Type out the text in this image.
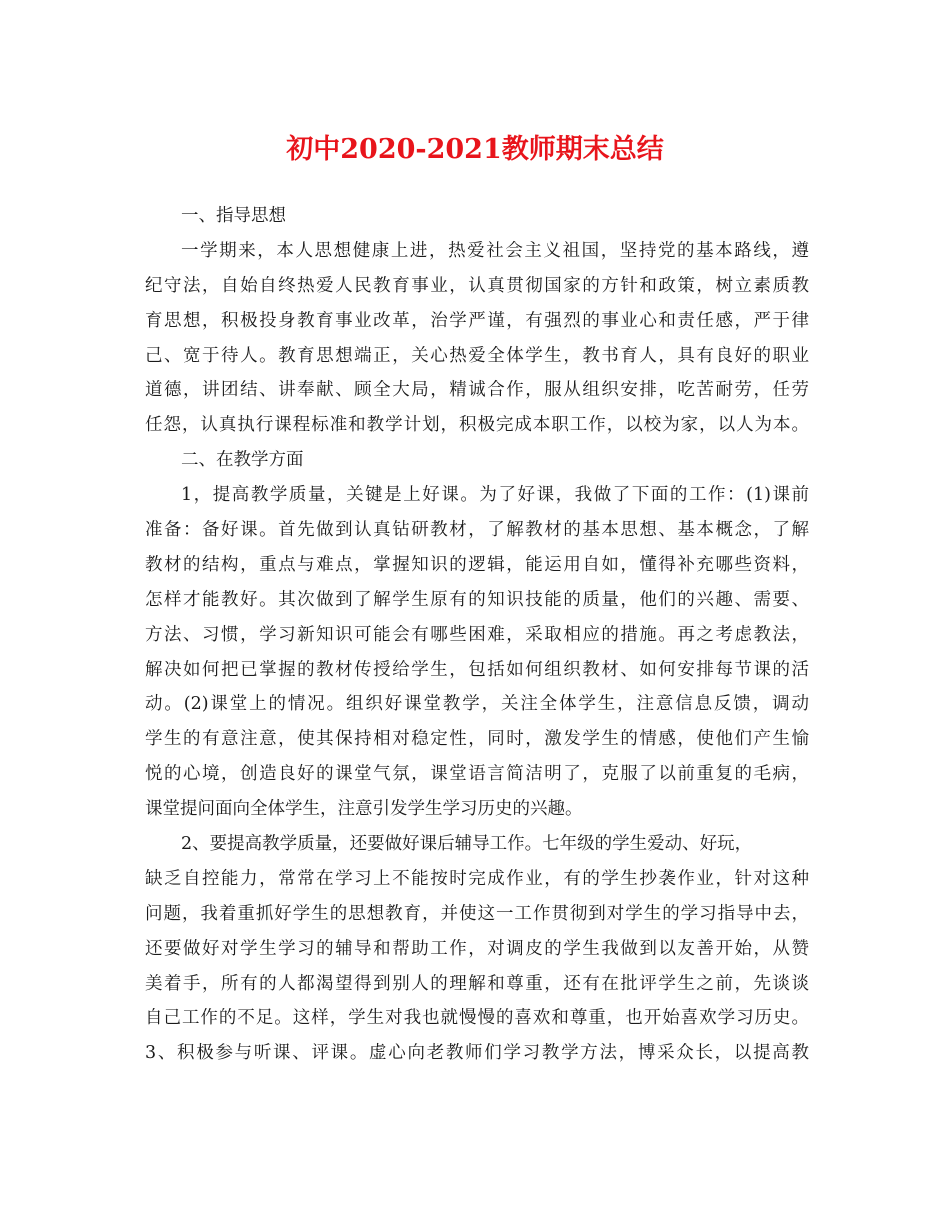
初中2020-2021教师期末总结
一、指导思想
一学期来，本人思想健康上进，热爱社会主义祖国，坚持党的基本路线，遵
纪守法，自始自终热爱人民教育事业，认真贯彻国家的方针和政策，树立素质教
育思想，积极投身教育事业改革，治学严谨，有强烈的事业心和责任感，严于律
己、宽于待人。教育思想端正，关心热爱全体学生，教书育人，具有良好的职业
道德，讲团结、讲奉献、顾全大局，精诚合作，服从组织安排，吃苦耐劳，任劳
任怨，认真执行课程标准和教学计划，积极完成本职工作，以校为家，以人为本。
二、在教学方面
1，提高教学质量，关键是上好课。为了好课，我做了下面的工作：(1)课前
准备：备好课。首先做到认真钻研教材，了解教材的基本思想、基本概念，了解
教材的结构，重点与难点，掌握知识的逻辑，能运用自如，懂得补充哪些资料，
怎样才能教好。其次做到了解学生原有的知识技能的质量，他们的兴趣、需要、
方法、习惯，学习新知识可能会有哪些困难，采取相应的措施。再之考虑教法，
解决如何把已掌握的教材传授给学生，包括如何组织教材、如何安排每节课的活
动。(2)课堂上的情况。组织好课堂教学，关注全体学生，注意信息反馈，调动
学生的有意注意，使其保持相对稳定性，同时，激发学生的情感，使他们产生愉
悦的心境，创造良好的课堂气氛，课堂语言简洁明了，克服了以前重复的毛病，
课堂提问面向全体学生，注意引发学生学习历史的兴趣。
2、要提高教学质量，还要做好课后辅导工作。七年级的学生爱动、好玩，
缺乏自控能力，常常在学习上不能按时完成作业，有的学生抄袭作业，针对这种
问题，我着重抓好学生的思想教育，并使这一工作贯彻到对学生的学习指导中去，
还要做好对学生学习的辅导和帮助工作，对调皮的学生我做到以友善开始，从赞
美着手，所有的人都渴望得到别人的理解和尊重，还有在批评学生之前，先谈谈
自己工作的不足。这样，学生对我也就慢慢的喜欢和尊重，也开始喜欢学习历史。
3、积极参与听课、评课。虚心向老教师们学习教学方法，博采众长，以提高教
